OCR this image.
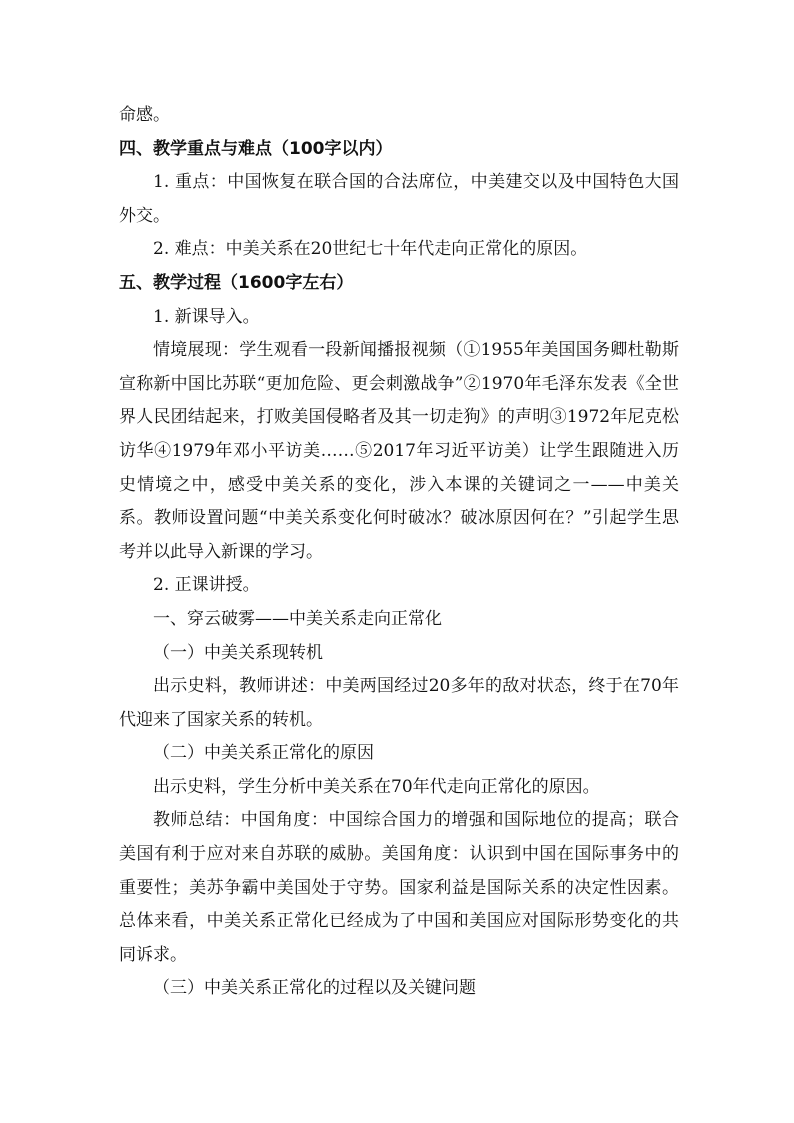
命感。

四、教学重点与难点（100字以内）

1. 重点：中国恢复在联合国的合法席位，中美建交以及中国特色大国外交。

2. 难点：中美关系在20世纪七十年代走向正常化的原因。

五、教学过程（1600字左右）

1. 新课导入。

情境展现：学生观看一段新闻播报视频（①1955年美国国务卿杜勒斯宣称新中国比苏联“更加危险、更会刺激战争”②1970年毛泽东发表《全世界人民团结起来，打败美国侵略者及其一切走狗》的声明③1972年尼克松访华④1979年邓小平访美……⑤2017年习近平访美）让学生跟随进入历史情境之中，感受中美关系的变化，涉入本课的关键词之一——中美关系。教师设置问题“中美关系变化何时破冰？破冰原因何在？”引起学生思考并以此导入新课的学习。

2. 正课讲授。

一、穿云破雾——中美关系走向正常化

（一）中美关系现转机

出示史料，教师讲述：中美两国经过20多年的敌对状态，终于在70年代迎来了国家关系的转机。

（二）中美关系正常化的原因

出示史料，学生分析中美关系在70年代走向正常化的原因。

教师总结：中国角度：中国综合国力的增强和国际地位的提高；联合美国有利于应对来自苏联的威胁。美国角度：认识到中国在国际事务中的重要性；美苏争霸中美国处于守势。国家利益是国际关系的决定性因素。总体来看，中美关系正常化已经成为了中国和美国应对国际形势变化的共同诉求。

（三）中美关系正常化的过程以及关键问题
